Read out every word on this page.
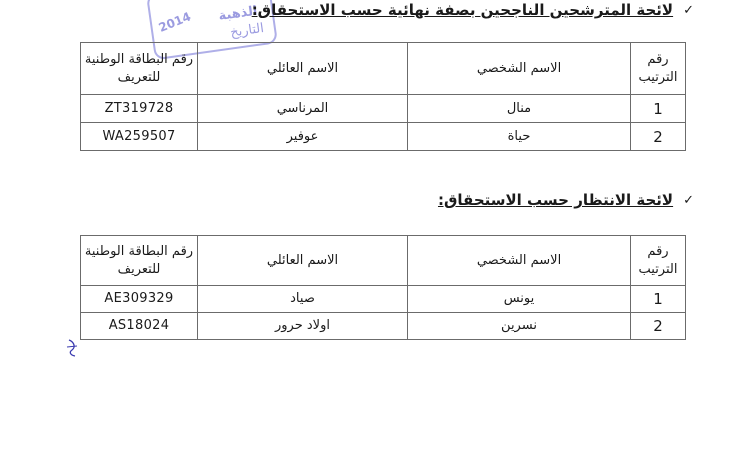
الذهبة
التاريخ
2014	✓
لائحة المترشحين الناجحين بصفة نهائية حسب الاستحقاق:
رقم الترتيب	الاسم الشخصي	الاسم العائلي	رقم البطاقة الوطنية للتعريف
1	منال	المرناسي	ZT319728
2	حياة	عوفير	WA259507
✓
لائحة الانتظار حسب الاستحقاق:
رقم الترتيب	الاسم الشخصي	الاسم العائلي	رقم البطاقة الوطنية للتعريف
1	يونس	صياد	AE309329
2	نسرين	اولاد حرور	AS18024
